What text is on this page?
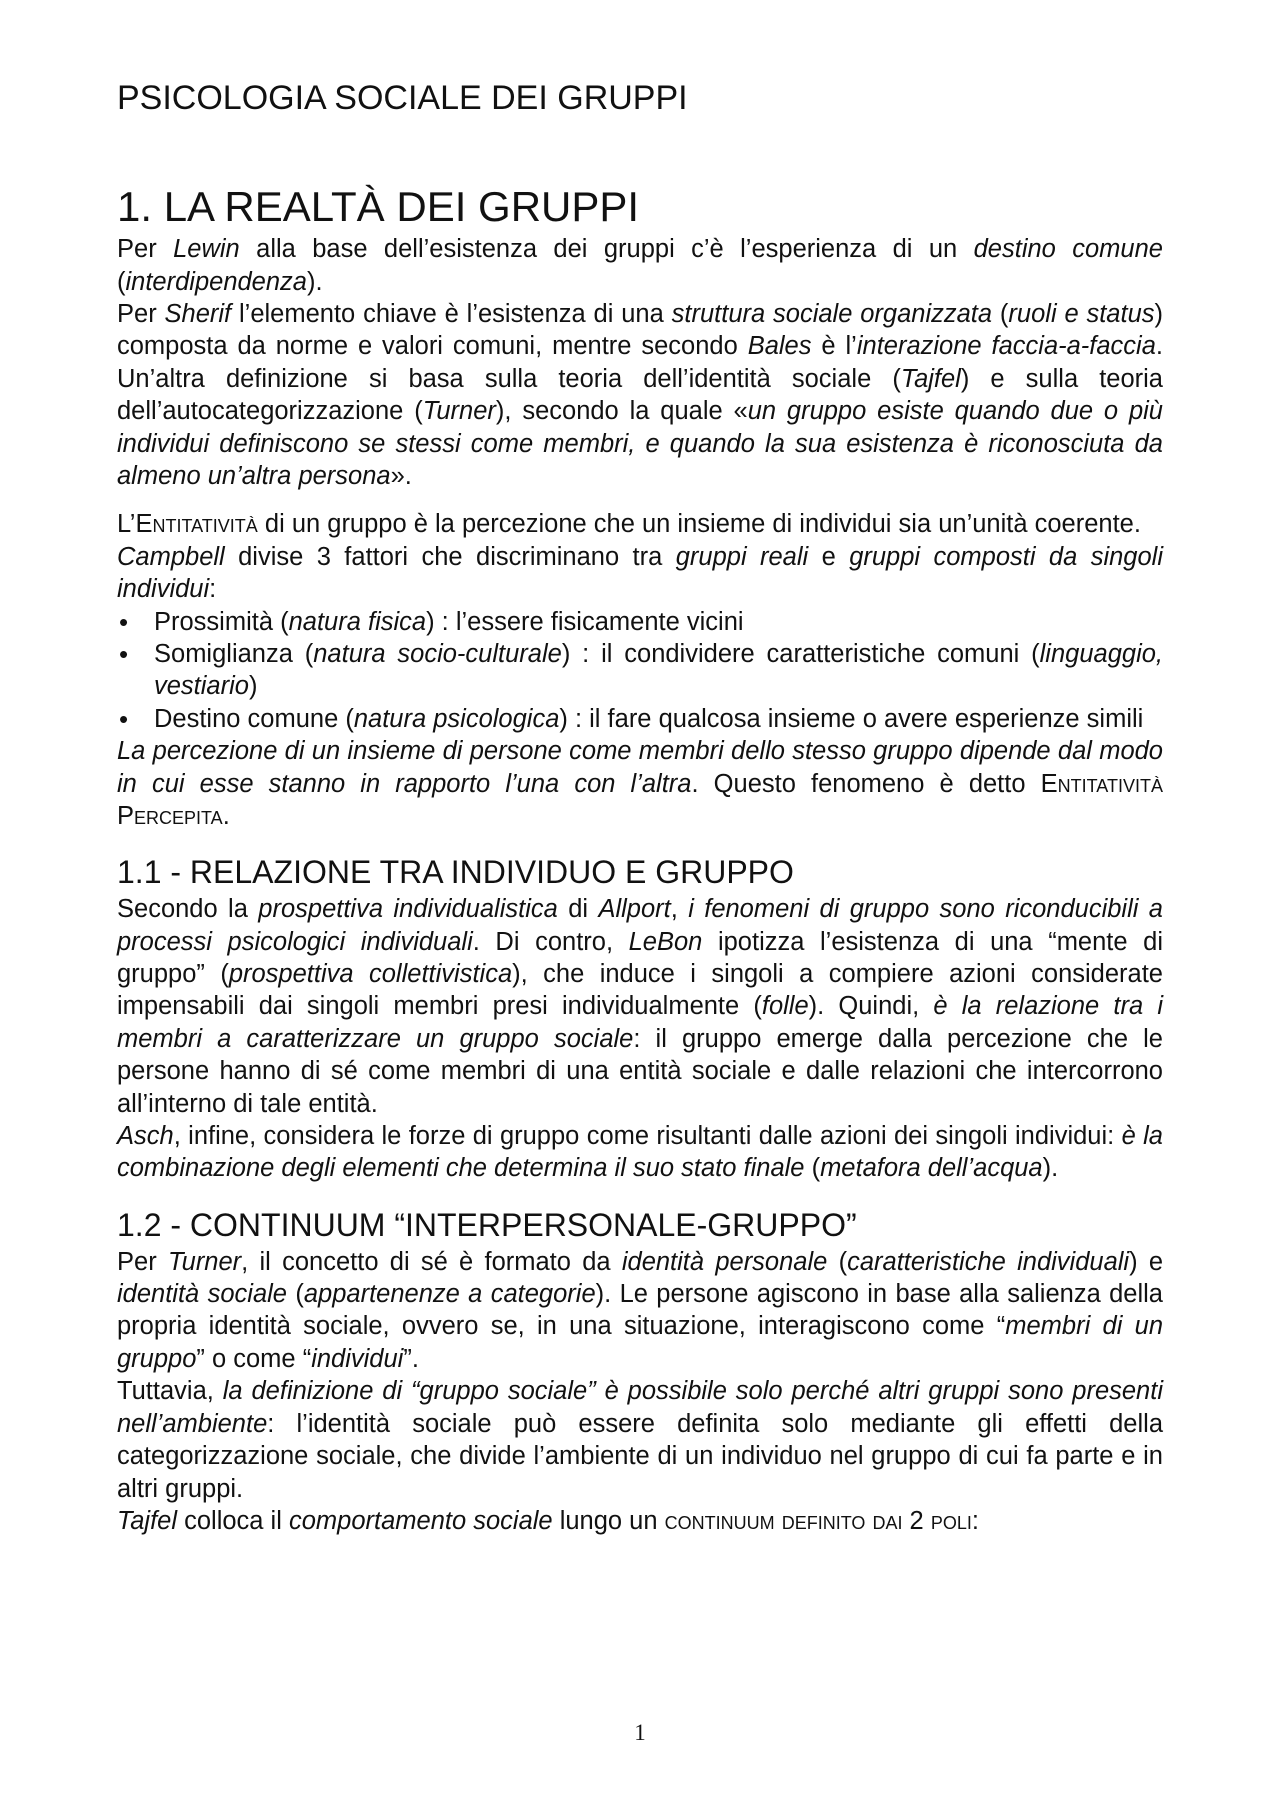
PSICOLOGIA SOCIALE DEI GRUPPI
1. LA REALTÀ DEI GRUPPI

Per Lewin alla base dell’esistenza dei gruppi c’è l’esperienza di un destino comune (interdipendenza).

Per Sherif l’elemento chiave è l’esistenza di una struttura sociale organizzata (ruoli e status) composta da norme e valori comuni, mentre secondo Bales è l’interazione faccia-a-faccia. Un’altra definizione si basa sulla teoria dell’identità sociale (Tajfel) e sulla teoria dell’autocategorizzazione (Turner), secondo la quale «un gruppo esiste quando due o più individui definiscono se stessi come membri, e quando la sua esistenza è riconosciuta da almeno un’altra persona».

L’Entitatività di un gruppo è la percezione che un insieme di individui sia un’unità coerente.

Campbell divise 3 fattori che discriminano tra gruppi reali e gruppi composti da singoli individui:

• Prossimità (natura fisica) : l’essere fisicamente vicini
• Somiglianza (natura socio-culturale) : il condividere caratteristiche comuni (linguaggio, vestiario)
• Destino comune (natura psicologica) : il fare qualcosa insieme o avere esperienze simili

La percezione di un insieme di persone come membri dello stesso gruppo dipende dal modo in cui esse stanno in rapporto l’una con l’altra. Questo fenomeno è detto Entitatività Percepita.

1.1 - RELAZIONE TRA INDIVIDUO E GRUPPO

Secondo la prospettiva individualistica di Allport, i fenomeni di gruppo sono riconducibili a processi psicologici individuali. Di contro, LeBon ipotizza l’esistenza di una “mente di gruppo” (prospettiva collettivistica), che induce i singoli a compiere azioni considerate impensabili dai singoli membri presi individualmente (folle). Quindi, è la relazione tra i membri a caratterizzare un gruppo sociale: il gruppo emerge dalla percezione che le persone hanno di sé come membri di una entità sociale e dalle relazioni che intercorrono all’interno di tale entità.

Asch, infine, considera le forze di gruppo come risultanti dalle azioni dei singoli individui: è la combinazione degli elementi che determina il suo stato finale (metafora dell’acqua).

1.2 - CONTINUUM “INTERPERSONALE-GRUPPO”

Per Turner, il concetto di sé è formato da identità personale (caratteristiche individuali) e identità sociale (appartenenze a categorie). Le persone agiscono in base alla salienza della propria identità sociale, ovvero se, in una situazione, interagiscono come “membri di un gruppo” o come “individui”.

Tuttavia, la definizione di “gruppo sociale” è possibile solo perché altri gruppi sono presenti nell’ambiente: l’identità sociale può essere definita solo mediante gli effetti della categorizzazione sociale, che divide l’ambiente di un individuo nel gruppo di cui fa parte e in altri gruppi.

Tajfel colloca il comportamento sociale lungo un continuum definito dai 2 poli:

1
